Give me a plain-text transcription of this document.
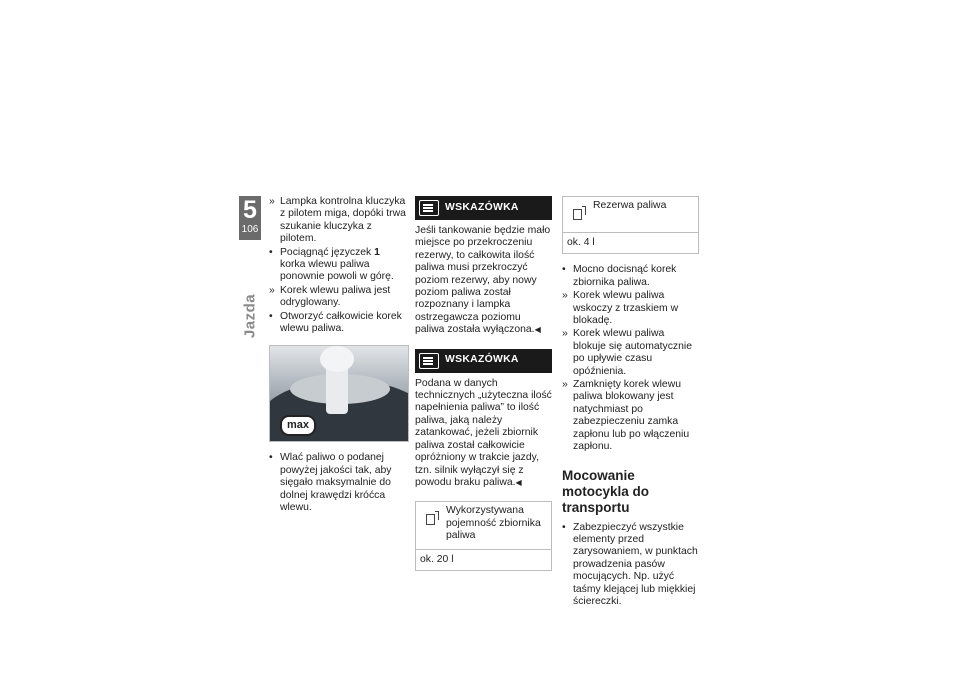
5
106
Jazda
» Lampka kontrolna kluczyka z pilotem miga, dopóki trwa szukanie kluczyka z pilotem.
• Pociągnąć języczek 1 korka wlewu paliwa ponownie powoli w górę.
» Korek wlewu paliwa jest odryglowany.
• Otworzyć całkowicie korek wlewu paliwa.
max
• Wlać paliwo o podanej powyżej jakości tak, aby sięgało maksymalnie do dolnej krawędzi króćca wlewu.
WSKAZÓWKA
Jeśli tankowanie będzie mało miejsce po przekroczeniu rezerwy, to całkowita ilość paliwa musi przekroczyć poziom rezerwy, aby nowy poziom paliwa został rozpoznany i lampka ostrzegawcza poziomu paliwa została wyłączona.◀
WSKAZÓWKA
Podana w danych technicznych „użyteczna ilość napełnienia paliwa” to ilość paliwa, jaką należy zatankować, jeżeli zbiornik paliwa został całkowicie opróżniony w trakcie jazdy, tzn. silnik wyłączył się z powodu braku paliwa.◀
Wykorzystywana pojemność zbiornika paliwa
ok. 20 l
Rezerwa paliwa
ok. 4 l
• Mocno docisnąć korek zbiornika paliwa.
» Korek wlewu paliwa wskoczy z trzaskiem w blokadę.
» Korek wlewu paliwa blokuje się automatycznie po upływie czasu opóźnienia.
» Zamknięty korek wlewu paliwa blokowany jest natychmiast po zabezpieczeniu zamka zapłonu lub po włączeniu zapłonu.
Mocowanie motocykla do transportu
• Zabezpieczyć wszystkie elementy przed zarysowaniem, w punktach prowadzenia pasów mocujących. Np. użyć taśmy klejącej lub miękkiej ściereczki.
